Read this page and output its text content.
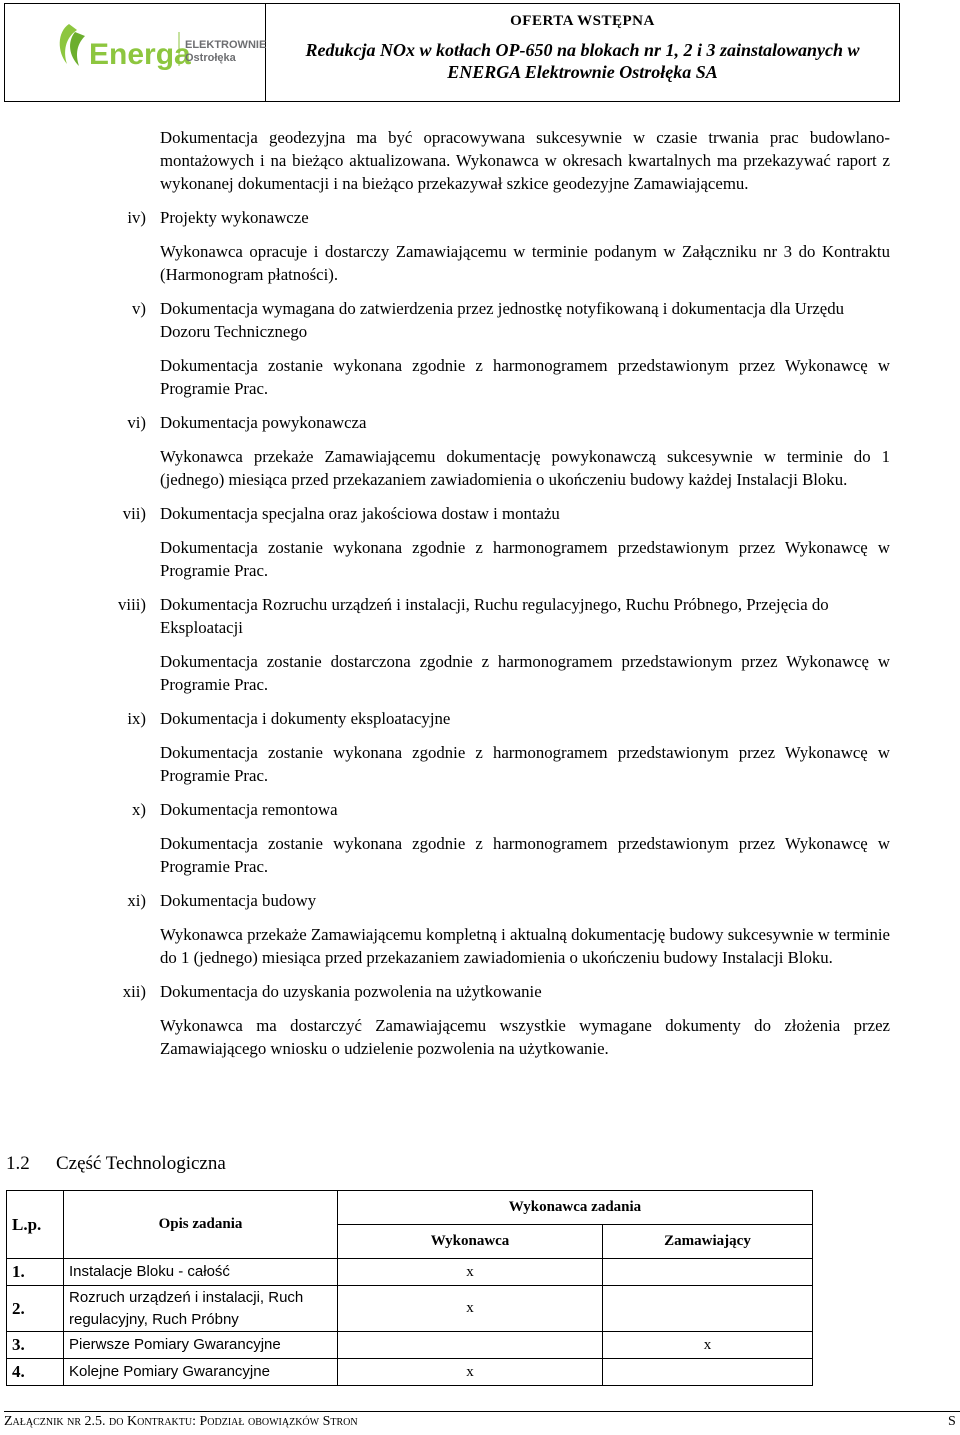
Energa
ELEKTROWNIE
Ostrołęka
OFERTA WSTĘPNA
Redukcja NOx w kotłach OP-650 na blokach nr 1, 2 i 3 zainstalowanych w ENERGA Elektrownie Ostrołęka SA
Dokumentacja geodezyjna ma być opracowywana sukcesywnie w czasie trwania prac budowlano-montażowych i na bieżąco aktualizowana. Wykonawca w okresach kwartalnych ma przekazywać raport z wykonanej dokumentacji i na bieżąco przekazywał szkice geodezyjne Zamawiającemu.
iv) Projekty wykonawcze
Wykonawca opracuje i dostarczy Zamawiającemu w terminie podanym w Załączniku nr 3 do Kontraktu (Harmonogram płatności).
v) Dokumentacja wymagana do zatwierdzenia przez jednostkę notyfikowaną i dokumentacja dla Urzędu Dozoru Technicznego
Dokumentacja zostanie wykonana zgodnie z harmonogramem przedstawionym przez Wykonawcę w Programie Prac.
vi) Dokumentacja powykonawcza
Wykonawca przekaże Zamawiającemu dokumentację powykonawczą sukcesywnie w terminie do 1 (jednego) miesiąca przed przekazaniem zawiadomienia o ukończeniu budowy każdej Instalacji Bloku.
vii) Dokumentacja specjalna oraz jakościowa dostaw i montażu
Dokumentacja zostanie wykonana zgodnie z harmonogramem przedstawionym przez Wykonawcę w Programie Prac.
viii) Dokumentacja Rozruchu urządzeń i instalacji, Ruchu regulacyjnego, Ruchu Próbnego, Przejęcia do Eksploatacji
Dokumentacja zostanie dostarczona zgodnie z harmonogramem przedstawionym przez Wykonawcę w Programie Prac.
ix) Dokumentacja i dokumenty eksploatacyjne
Dokumentacja zostanie wykonana zgodnie z harmonogramem przedstawionym przez Wykonawcę w Programie Prac.
x) Dokumentacja remontowa
Dokumentacja zostanie wykonana zgodnie z harmonogramem przedstawionym przez Wykonawcę w Programie Prac.
xi) Dokumentacja budowy
Wykonawca przekaże Zamawiającemu kompletną i aktualną dokumentację budowy sukcesywnie w terminie do 1 (jednego) miesiąca przed przekazaniem zawiadomienia o ukończeniu budowy Instalacji Bloku.
xii) Dokumentacja do uzyskania pozwolenia na użytkowanie
Wykonawca ma dostarczyć Zamawiającemu wszystkie wymagane dokumenty do złożenia przez Zamawiającego wniosku o udzielenie pozwolenia na użytkowanie.
1.2 Część Technologiczna
L.p.	Opis zadania	Wykonawca zadania	
		Wykonawca	Zamawiający
1.	Instalacje Bloku - całość	x	
2.	Rozruch urządzeń i instalacji, Ruch regulacyjny, Ruch Próbny	x	
3.	Pierwsze Pomiary Gwarancyjne		x
4.	Kolejne Pomiary Gwarancyjne	x	
Załącznik nr 2.5. do Kontraktu: Podział obowiązków Stron	S
